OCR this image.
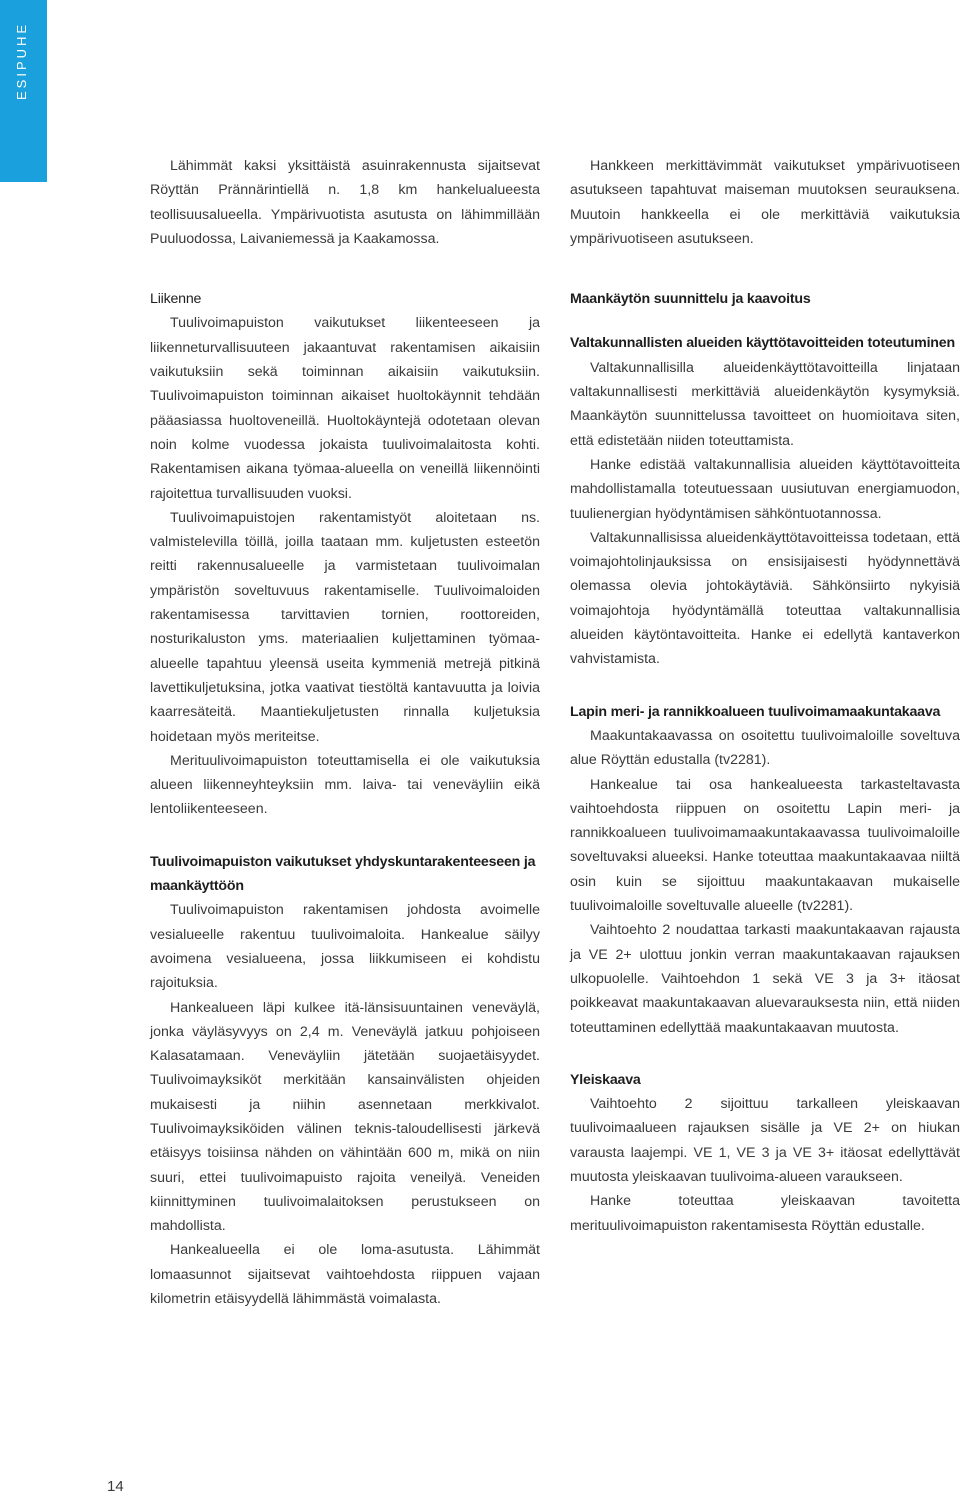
ESIPUHE

Lähimmät kaksi yksittäistä asuinrakennusta sijaitsevat Röyttän Prännärintiellä n. 1,8 km hankelualueesta teollisuusalueella. Ympärivuotista asutusta on lähimmillään Puuluodossa, Laivaniemessä ja Kaakamossa.

Liikenne

Tuulivoimapuiston vaikutukset liikenteeseen ja liikenneturvallisuuteen jakaantuvat rakentamisen aikaisiin vaikutuksiin sekä toiminnan aikaisiin vaikutuksiin. Tuulivoimapuiston toiminnan aikaiset huoltokäynnit tehdään pääasiassa huoltoveneillä. Huoltokäyntejä odotetaan olevan noin kolme vuodessa jokaista tuulivoimalaitosta kohti. Rakentamisen aikana työmaa-alueella on veneillä liikennöinti rajoitettua turvallisuuden vuoksi.

Tuulivoimapuistojen rakentamistyöt aloitetaan ns. valmistelevilla töillä, joilla taataan mm. kuljetusten esteetön reitti rakennusalueelle ja varmistetaan tuulivoimalan ympäristön soveltuvuus rakentamiselle. Tuulivoimaloiden rakentamisessa tarvittavien tornien, roottoreiden, nosturikaluston yms. materiaalien kuljettaminen työmaa-alueelle tapahtuu yleensä useita kymmeniä metrejä pitkinä lavettikuljetuksina, jotka vaativat tiestöltä kantavuutta ja loivia kaarresäteitä. Maantiekuljetusten rinnalla kuljetuksia hoidetaan myös meriteitse.

Merituulivoimapuiston toteuttamisella ei ole vaikutuksia alueen liikenneyhteyksiin mm. laiva- tai veneväyliin eikä lentoliikenteeseen.

Tuulivoimapuiston vaikutukset yhdyskuntarakenteeseen ja maankäyttöön

Tuulivoimapuiston rakentamisen johdosta avoimelle vesialueelle rakentuu tuulivoimaloita. Hankealue säilyy avoimena vesialueena, jossa liikkumiseen ei kohdistu rajoituksia.

Hankealueen läpi kulkee itä-länsisuuntainen veneväylä, jonka väyläsyvyys on 2,4 m. Veneväylä jatkuu pohjoiseen Kalasatamaan. Veneväyliin jätetään suojaetäisyydet. Tuulivoimayksiköt merkitään kansainvälisten ohjeiden mukaisesti ja niihin asennetaan merkkivalot. Tuulivoimayksiköiden välinen teknis-taloudellisesti järkevä etäisyys toisiinsa nähden on vähintään 600 m, mikä on niin suuri, ettei tuulivoimapuisto rajoita veneilyä. Veneiden kiinnittyminen tuulivoimalaitoksen perustukseen on mahdollista.

Hankealueella ei ole loma-asutusta. Lähimmät lomaasunnot sijaitsevat vaihtoehdosta riippuen vajaan kilometrin etäisyydellä lähimmästä voimalasta.

Hankkeen merkittävimmät vaikutukset ympärivuotiseen asutukseen tapahtuvat maiseman muutoksen seurauksena. Muutoin hankkeella ei ole merkittäviä vaikutuksia ympärivuotiseen asutukseen.

Maankäytön suunnittelu ja kaavoitus
Valtakunnallisten alueiden käyttötavoitteiden toteutuminen

Valtakunnallisilla alueidenkäyttötavoitteilla linjataan valtakunnallisesti merkittäviä alueidenkäytön kysymyksiä. Maankäytön suunnittelussa tavoitteet on huomioitava siten, että edistetään niiden toteuttamista.

Hanke edistää valtakunnallisia alueiden käyttötavoitteita mahdollistamalla toteutuessaan uusiutuvan energiamuodon, tuulienergian hyödyntämisen sähköntuotannossa.

Valtakunnallisissa alueidenkäyttötavoitteissa todetaan, että voimajohtolinjauksissa on ensisijaisesti hyödynnettävä olemassa olevia johtokäytäviä. Sähkönsiirto nykyisiä voimajohtoja hyödyntämällä toteuttaa valtakunnallisia alueiden käytöntavoitteita. Hanke ei edellytä kantaverkon vahvistamista.

Lapin meri- ja rannikkoalueen tuulivoimamaakuntakaava

Maakuntakaavassa on osoitettu tuulivoimaloille soveltuva alue Röyttän edustalla (tv2281).

Hankealue tai osa hankealueesta tarkasteltavasta vaihtoehdosta riippuen on osoitettu Lapin meri- ja rannikkoalueen tuulivoimamaakuntakaavassa tuulivoimaloille soveltuvaksi alueeksi. Hanke toteuttaa maakuntakaavaa niiltä osin kuin se sijoittuu maakuntakaavan mukaiselle tuulivoimaloille soveltuvalle alueelle (tv2281).

Vaihtoehto 2 noudattaa tarkasti maakuntakaavan rajausta ja VE 2+ ulottuu jonkin verran maakuntakaavan rajauksen ulkopuolelle. Vaihtoehdon 1 sekä VE 3 ja 3+ itäosat poikkeavat maakuntakaavan aluevarauksesta niin, että niiden toteuttaminen edellyttää maakuntakaavan muutosta.

Yleiskaava

Vaihtoehto 2 sijoittuu tarkalleen yleiskaavan tuulivoimaalueen rajauksen sisälle ja VE 2+ on hiukan varausta laajempi. VE 1, VE 3 ja VE 3+ itäosat edellyttävät muutosta yleiskaavan tuulivoima-alueen varaukseen.

Hanke toteuttaa yleiskaavan tavoitetta merituulivoimapuiston rakentamisesta Röyttän edustalle.

14
